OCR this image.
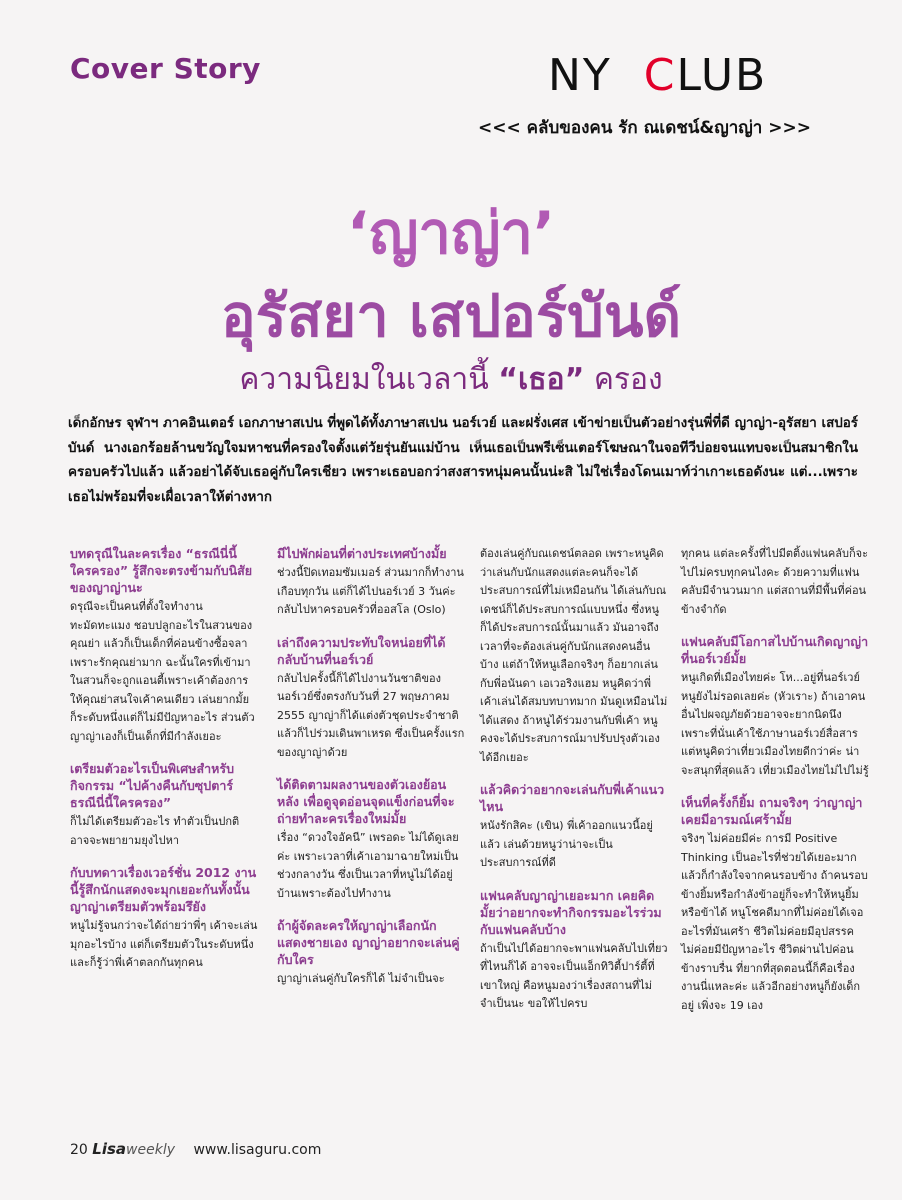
Cover Story	NY CLUB
<<< คลับของคน รัก ณเดชน์&ญาญ่า >>>
‘ญาญ่า’
อุรัสยา เสปอร์บันด์
ความนิยมในเวลานี้ “เธอ” ครอง
เด็กอักษร จุฬาฯ ภาคอินเตอร์ เอกภาษาสเปน ที่พูดได้ทั้งภาษาสเปน นอร์เวย์ และฝรั่งเศส เข้าข่ายเป็นตัวอย่างรุ่นพี่ที่ดี ญาญ่า-อุรัสยา เสปอร์บันด์ นางเอกร้อยล้านขวัญใจมหาชนที่ครองใจตั้งแต่วัยรุ่นยันแม่บ้าน เห็นเธอเป็นพรีเซ็นเตอร์โฆษณาในจอทีวีบ่อยจนแทบจะเป็นสมาชิกในครอบครัวไปแล้ว แล้วอย่าได้จับเธอคู่กับใครเชียว เพราะเธอบอกว่าสงสารหนุ่มคนนั้นน่ะสิ ไม่ใช่เรื่องโดนเมาท์ว่าเกาะเธอดังนะ แต่...เพราะเธอไม่พร้อมที่จะเผื่อเวลาให้ต่างหาก
บทดรุณีในละครเรื่อง “ธรณีนี่นี้ใครครอง” รู้สึกจะตรงข้ามกับนิสัยของญาญ่านะ
ดรุณีจะเป็นคนที่ตั้งใจทำงาน ทะมัดทะแมง ชอบปลูกอะไรในสวนของคุณย่า แล้วก็เป็นเด็กที่ค่อนข้างซื้อจลา เพราะรักคุณย่ามาก ฉะนั้นใครที่เข้ามาในสวนก็จะถูกแอนตี้เพราะเค้าต้องการให้คุณย่าสนใจเค้าคนเดียว เล่นยากมั้ย ก็ระดับหนึ่งแต่ก็ไม่มีปัญหาอะไร ส่วนตัวญาญ่าเองก็เป็นเด็กที่มีกำลังเยอะ
เตรียมตัวอะไรเป็นพิเศษสำหรับกิจกรรม “ไปค้างคืนกับซุปตาร์ธรณีนี่นี้ใครครอง”
ก็ไม่ได้เตรียมตัวอะไร ทำตัวเป็นปกติ อาจจะพยายามยุงไปหา
กับบทดาวเรื่องเวอร์ชั่น 2012 งานนี้รู้สึกนักแสดงจะมุกเยอะกันทั้งนั้น ญาญ่าเตรียมตัวพร้อมรึยัง
หนูไม่รู้จนกว่าจะได้ถ่ายว่าพี่ๆ เค้าจะเล่นมุกอะไรบ้าง แต่ก็เตรียมตัวในระดับหนึ่ง และก็รู้ว่าพี่เค้าตลกกันทุกคน
มีไปพักผ่อนที่ต่างประเทศบ้างมั้ย
ช่วงนี้ปิดเทอมซัมเมอร์ ส่วนมากก็ทำงานเกือบทุกวัน แต่ก็ได้ไปนอร์เวย์ 3 วันค่ะ กลับไปหาครอบครัวที่ออสโล (Oslo)
เล่าถึงความประทับใจหน่อยที่ได้กลับบ้านที่นอร์เวย์
กลับไปครั้งนี้ก็ได้ไปงานวันชาติของนอร์เวย์ซึ่งตรงกับวันที่ 27 พฤษภาคม 2555 ญาญ่าก็ได้แต่งตัวชุดประจำชาติแล้วก็ไปร่วมเดินพาเหรด ซึ่งเป็นครั้งแรกของญาญ่าด้วย
ได้ติดตามผลงานของตัวเองย้อนหลัง เพื่อดูจุดอ่อนจุดแข็งก่อนที่จะถ่ายทำละครเรื่องใหม่มั้ย
เรื่อง “ดวงใจอัคนี” เพรอดะ ไม่ได้ดูเลยค่ะ เพราะเวลาที่เค้าเอามาฉายใหม่เป็นช่วงกลางวัน ซึ่งเป็นเวลาที่หนูไม่ได้อยู่บ้านเพราะต้องไปทำงาน
ถ้าผู้จัดละครให้ญาญ่าเลือกนักแสดงชายเอง ญาญ่าอยากจะเล่นคู่กับใคร
ญาญ่าเล่นคู่กับใครก็ได้ ไม่จำเป็นจะ
ต้องเล่นคู่กับณเดชน์ตลอด เพราะหนูคิดว่าเล่นกับนักแสดงแต่ละคนก็จะได้ประสบการณ์ที่ไม่เหมือนกัน ได้เล่นกับณเดชน์ก็ได้ประสบการณ์แบบหนึ่ง ซึ่งหนูก็ได้ประสบการณ์นั้นมาแล้ว มันอาจถึงเวลาที่จะต้องเล่นคู่กับนักแสดงคนอื่นบ้าง แต่ถ้าให้หนูเลือกจริงๆ ก็อยากเล่นกับพี่อนันดา เอเวอริงแฮม หนูคิดว่าพี่เค้าเล่นได้สมบทบาทมาก มันดูเหมือนไม่ได้แสดง ถ้าหนูได้ร่วมงานกับพี่เค้า หนูคงจะได้ประสบการณ์มาปรับปรุงตัวเองได้อีกเยอะ
แล้วคิดว่าอยากจะเล่นกับพี่เค้าแนวไหน
หนังรักสิคะ (เขิน) พี่เค้าออกแนวนี้อยู่แล้ว เล่นด้วยหนูว่าน่าจะเป็นประสบการณ์ที่ดี
แฟนคลับญาญ่าเยอะมาก เคยคิดมั้ยว่าอยากจะทำกิจกรรมอะไรร่วมกับแฟนคลับบ้าง
ถ้าเป็นไปได้อยากจะพาแฟนคลับไปเที่ยวที่ไหนก็ได้ อาจจะเป็นแอ็กทิวิตี้ปาร์ตี้ที่เขาใหญ่ คือหนูมองว่าเรื่องสถานที่ไม่จำเป็นนะ ขอให้ไปครบ
ทุกคน แต่ละครั้งที่ไปมีตติ้งแฟนคลับก็จะไปไม่ครบทุกคนไงคะ ด้วยความที่แฟนคลับมีจำนวนมาก แต่สถานที่มีพื้นที่ค่อนข้างจำกัด
แฟนคลับมีโอกาสไปบ้านเกิดญาญ่าที่นอร์เวย์มั้ย
หนูเกิดที่เมืองไทยค่ะ โห...อยู่ที่นอร์เวย์หนูยังไม่รอดเลยค่ะ (หัวเราะ) ถ้าเอาคนอื่นไปผจญภัยด้วยอาจจะยากนิดนึง เพราะที่นั่นเค้าใช้ภาษานอร์เวย์สื่อสาร แต่หนูคิดว่าเที่ยวเมืองไทยดีกว่าค่ะ น่าจะสนุกที่สุดแล้ว เที่ยวเมืองไทยไม่ไปไม่รู้
เห็นที่ครั้งก็ยิ้ม ถามจริงๆ ว่าญาญ่าเคยมีอารมณ์เศร้ามั้ย
จริงๆ ไม่ค่อยมีค่ะ การมี Positive Thinking เป็นอะไรที่ช่วยได้เยอะมาก แล้วก็กำลังใจจากคนรอบข้าง ถ้าคนรอบข้างยิ้มหรือกำลังข้าอยู่ก็จะทำให้หนูยิ้มหรือข้าได้ หนูโชคดีมากที่ไม่ค่อยได้เจออะไรที่มันเศร้า ชีวิตไม่ค่อยมีอุปสรรค ไม่ค่อยมีปัญหาอะไร ชีวิตผ่านไปค่อนข้างราบรื่น ที่ยากที่สุดตอนนี้ก็คือเรื่องงานนี่แหละค่ะ แล้วอีกอย่างหนูก็ยังเด็กอยู่ เพิ่งจะ 19 เอง
20 Lisaweekly www.lisaguru.com
